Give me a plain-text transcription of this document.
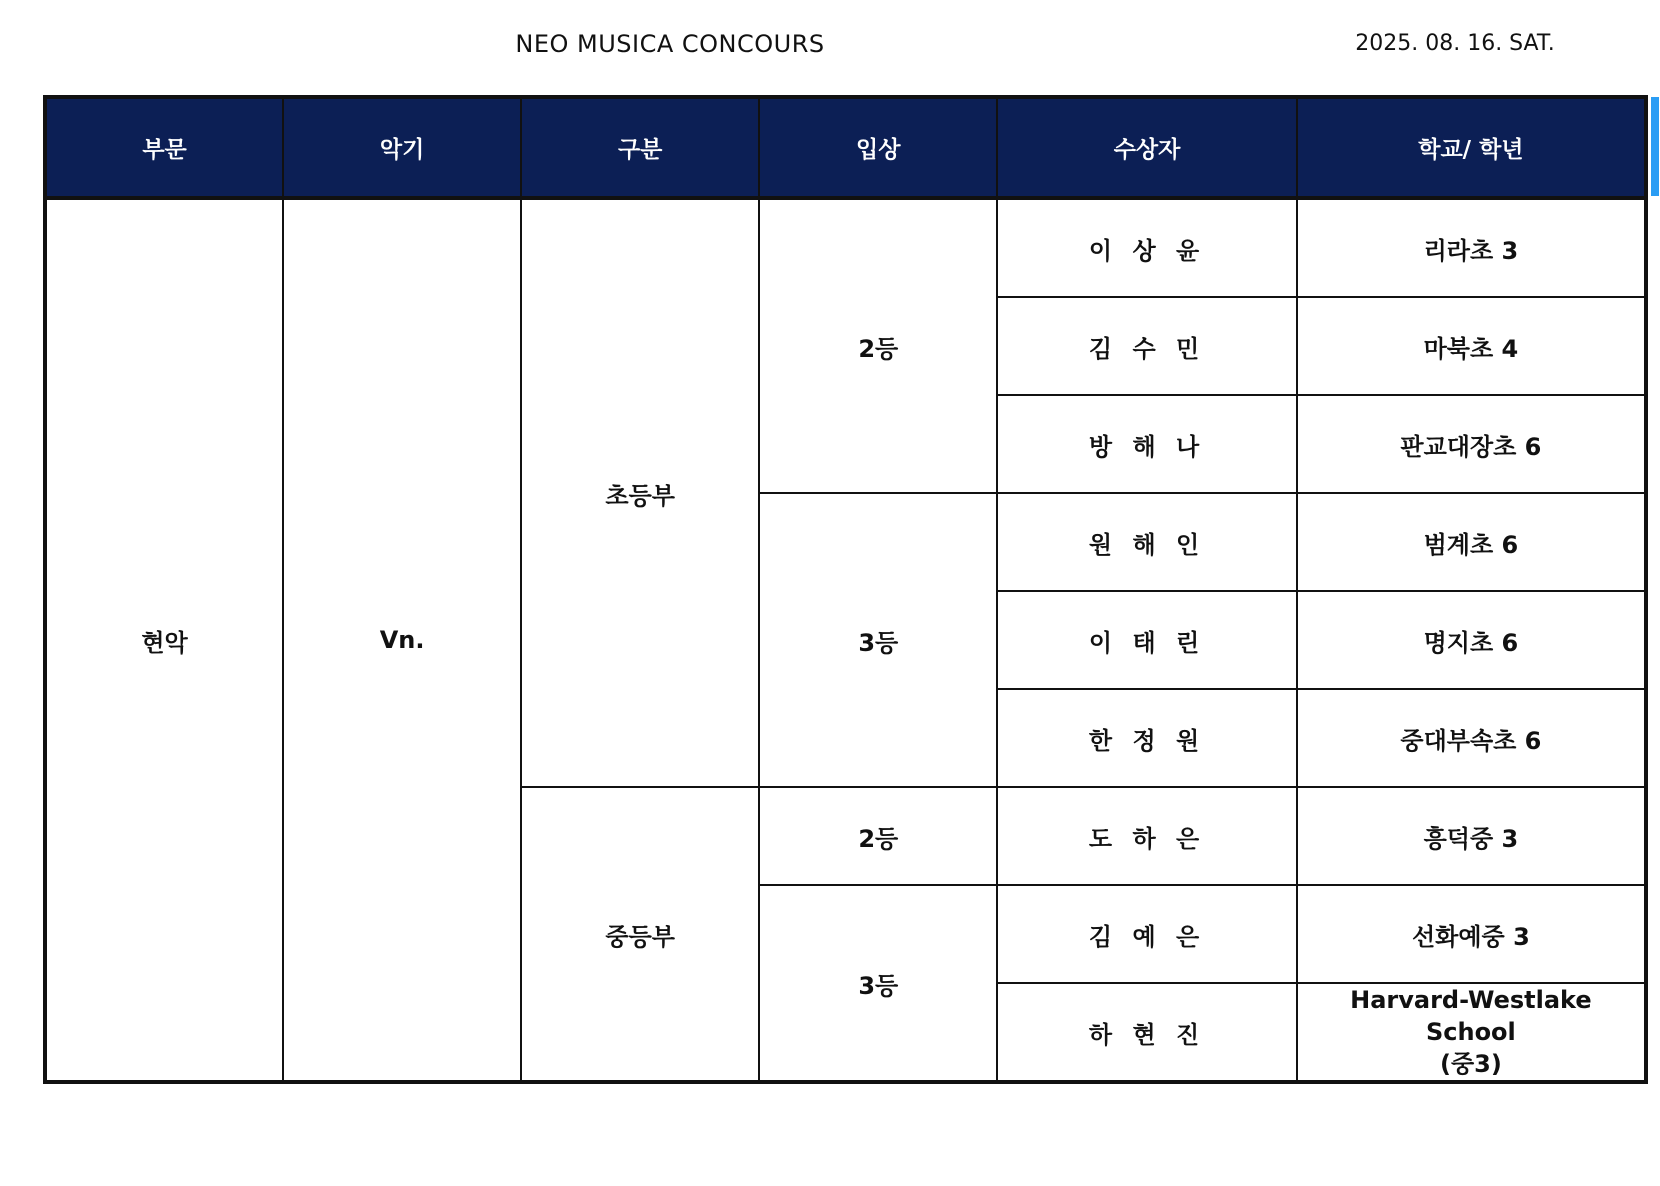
NEO MUSICA CONCOURS	2025. 08. 16. SAT.
부문	악기	구분	입상	수상자	학교/ 학년
현악	Vn.	초등부	2등	이 상 윤	리라초 3
				김 수 민	마북초 4
				방 해 나	판교대장초 6
			3등	원 해 인	범계초 6
				이 태 린	명지초 6
				한 정 원	중대부속초 6
		중등부	2등	도 하 은	흥덕중 3
			3등	김 예 은	선화예중 3
				하 현 진	Harvard-Westlake School
(중3)
